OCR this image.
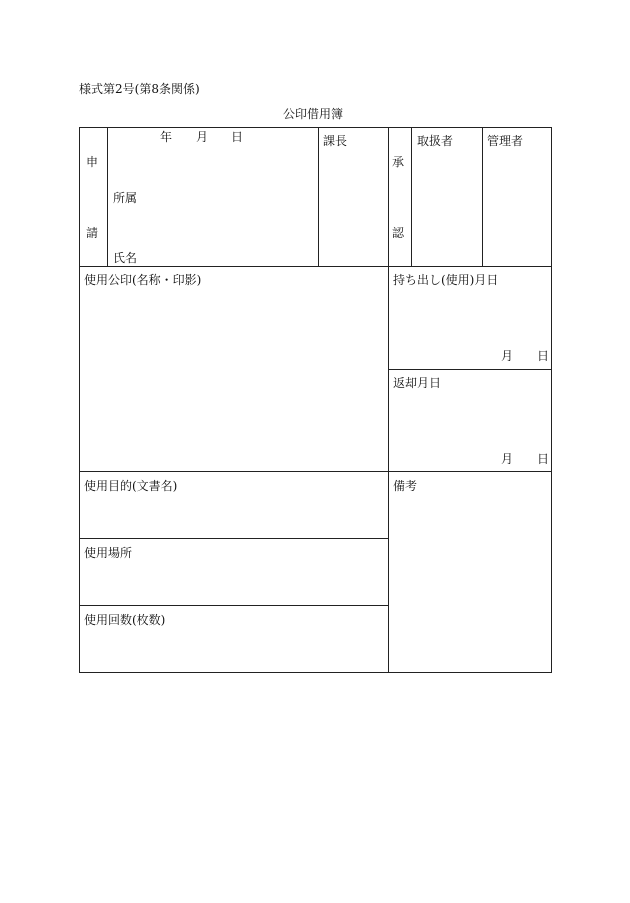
様式第2号(第8条関係)
公印借用簿
申
請
年 月 日
所属
氏名
課長
承
認
取扱者	管理者
使用公印(名称・印影)	持ち出し(使用)月日
月 日
返却月日
月 日
使用目的(文書名)
使用場所
使用回数(枚数)
備考
